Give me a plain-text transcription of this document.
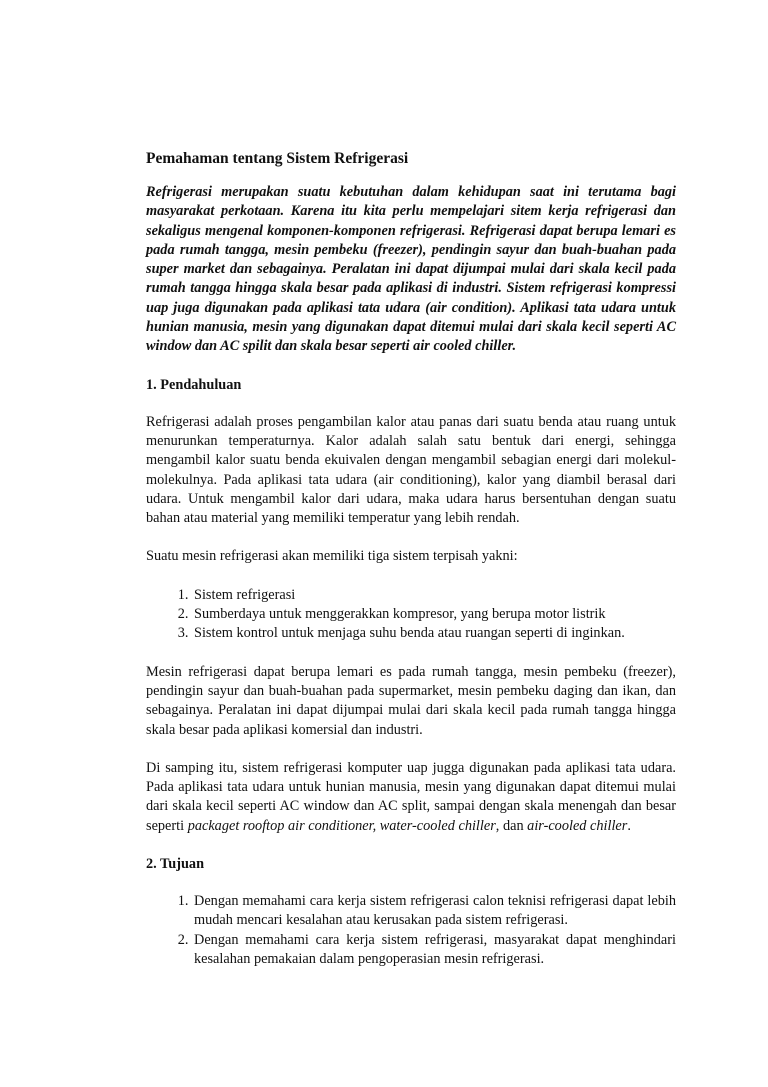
Pemahaman tentang Sistem Refrigerasi

Refrigerasi merupakan suatu kebutuhan dalam kehidupan saat ini terutama bagi masyarakat perkotaan. Karena itu kita perlu mempelajari sitem kerja refrigerasi dan sekaligus mengenal komponen-komponen refrigerasi. Refrigerasi dapat berupa lemari es pada rumah tangga, mesin pembeku (freezer), pendingin sayur dan buah-buahan pada super market dan sebagainya. Peralatan ini dapat dijumpai mulai dari skala kecil pada rumah tangga hingga skala besar pada aplikasi di industri. Sistem refrigerasi kompressi uap juga digunakan pada aplikasi tata udara (air condition). Aplikasi tata udara untuk hunian manusia, mesin yang digunakan dapat ditemui mulai dari skala kecil seperti AC window dan AC spilit dan skala besar seperti air cooled chiller.

1. Pendahuluan

Refrigerasi adalah proses pengambilan kalor atau panas dari suatu benda atau ruang untuk menurunkan temperaturnya. Kalor adalah salah satu bentuk dari energi, sehingga mengambil kalor suatu benda ekuivalen dengan mengambil sebagian energi dari molekul-molekulnya. Pada aplikasi tata udara (air conditioning), kalor yang diambil berasal dari udara. Untuk mengambil kalor dari udara, maka udara harus bersentuhan dengan suatu bahan atau material yang memiliki temperatur yang lebih rendah.

Suatu mesin refrigerasi akan memiliki tiga sistem terpisah yakni:

1. Sistem refrigerasi
2. Sumberdaya untuk menggerakkan kompresor, yang berupa motor listrik
3. Sistem kontrol untuk menjaga suhu benda atau ruangan seperti di inginkan.

Mesin refrigerasi dapat berupa lemari es pada rumah tangga, mesin pembeku (freezer), pendingin sayur dan buah-buahan pada supermarket, mesin pembeku daging dan ikan, dan sebagainya. Peralatan ini dapat dijumpai mulai dari skala kecil pada rumah tangga hingga skala besar pada aplikasi komersial dan industri.

Di samping itu, sistem refrigerasi komputer uap jugga digunakan pada aplikasi tata udara. Pada aplikasi tata udara untuk hunian manusia, mesin yang digunakan dapat ditemui mulai dari skala kecil seperti AC window dan AC split, sampai dengan skala menengah dan besar seperti packaget rooftop air conditioner, water-cooled chiller, dan air-cooled chiller.

2. Tujuan
1. Dengan memahami cara kerja sistem refrigerasi calon teknisi refrigerasi dapat lebih mudah mencari kesalahan atau kerusakan pada sistem refrigerasi.
2. Dengan memahami cara kerja sistem refrigerasi, masyarakat dapat menghindari kesalahan pemakaian dalam pengoperasian mesin refrigerasi.
